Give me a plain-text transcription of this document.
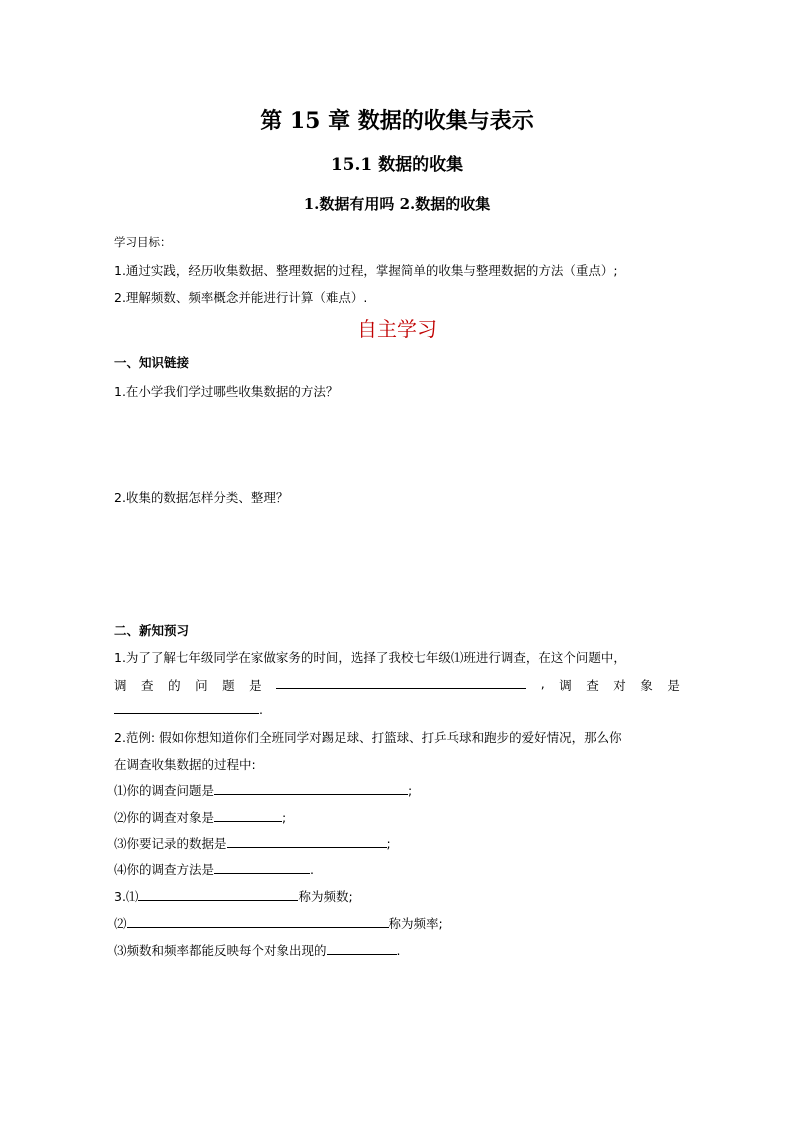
第 15 章 数据的收集与表示
15.1 数据的收集
1.数据有用吗 2.数据的收集
学习目标：
1.通过实践，经历收集数据、整理数据的过程，掌握简单的收集与整理数据的方法（重点）;
2.理解频数、频率概念并能进行计算（难点）.
自主学习
一、知识链接
1.在小学我们学过哪些收集数据的方法？
2.收集的数据怎样分类、整理？
二、新知预习
1.为了了解七年级同学在家做家务的时间，选择了我校七年级⑴班进行调查，在这个问题中，
调 查 的 问 题 是	, 调 查 对 象 是
.
2.范例: 假如你想知道你们全班同学对踢足球、打篮球、打乒乓球和跑步的爱好情况，那么你
在调查收集数据的过程中:
⑴你的调查问题是	;
⑵你的调查对象是	;
⑶你要记录的数据是	;
⑷你的调查方法是	.
3.⑴	称为频数;
⑵	称为频率;
⑶频数和频率都能反映每个对象出现的	.
